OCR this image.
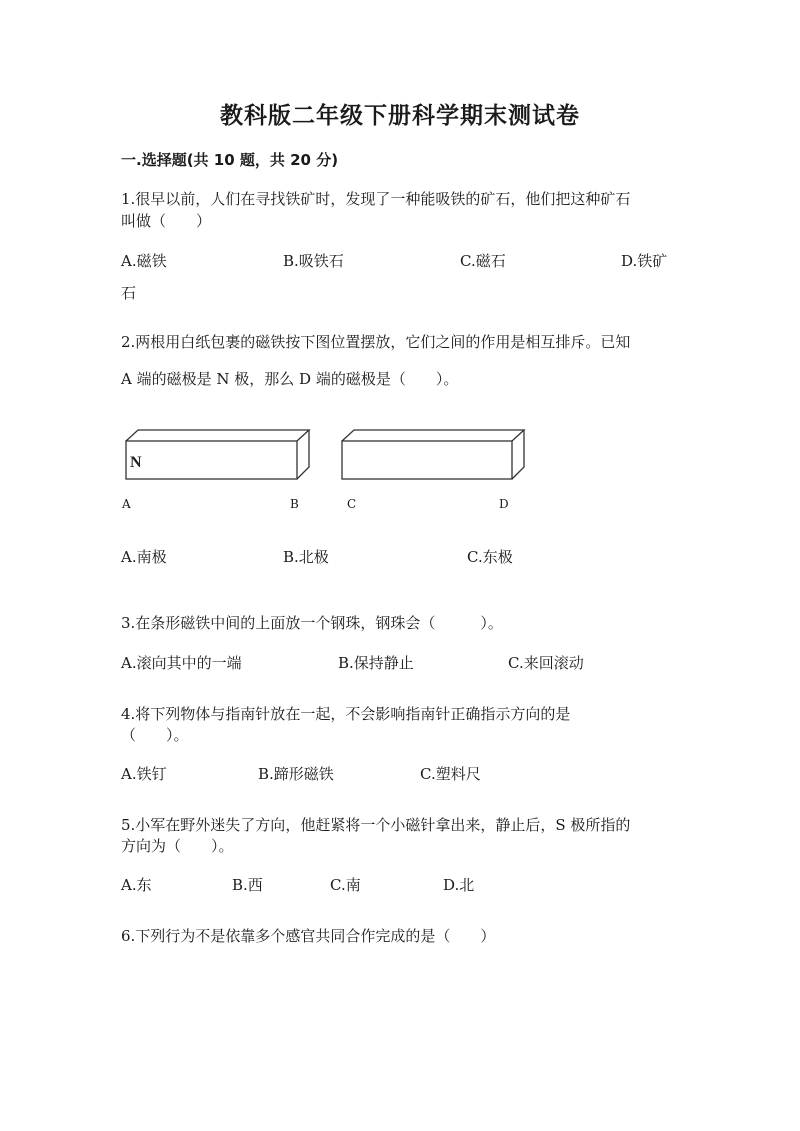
教科版二年级下册科学期末测试卷
一.选择题(共 10 题，共 20 分)
1.很早以前，人们在寻找铁矿时，发现了一种能吸铁的矿石，他们把这种矿石
叫做（　　）
A.磁铁	B.吸铁石	C.磁石	D.铁矿
石
2.两根用白纸包裹的磁铁按下图位置摆放，它们之间的作用是相互排斥。已知
A 端的磁极是 N 极，那么 D 端的磁极是（　　）。
N
A	B	C	D
A.南极	B.北极	C.东极
3.在条形磁铁中间的上面放一个钢珠，钢珠会（　　　）。
A.滚向其中的一端	B.保持静止	C.来回滚动
4.将下列物体与指南针放在一起，不会影响指南针正确指示方向的是
（　　）。
A.铁钉	B.蹄形磁铁	C.塑料尺
5.小军在野外迷失了方向，他赶紧将一个小磁针拿出来，静止后，S 极所指的
方向为（　　）。
A.东	B.西	C.南	D.北
6.下列行为不是依靠多个感官共同合作完成的是（　　）
